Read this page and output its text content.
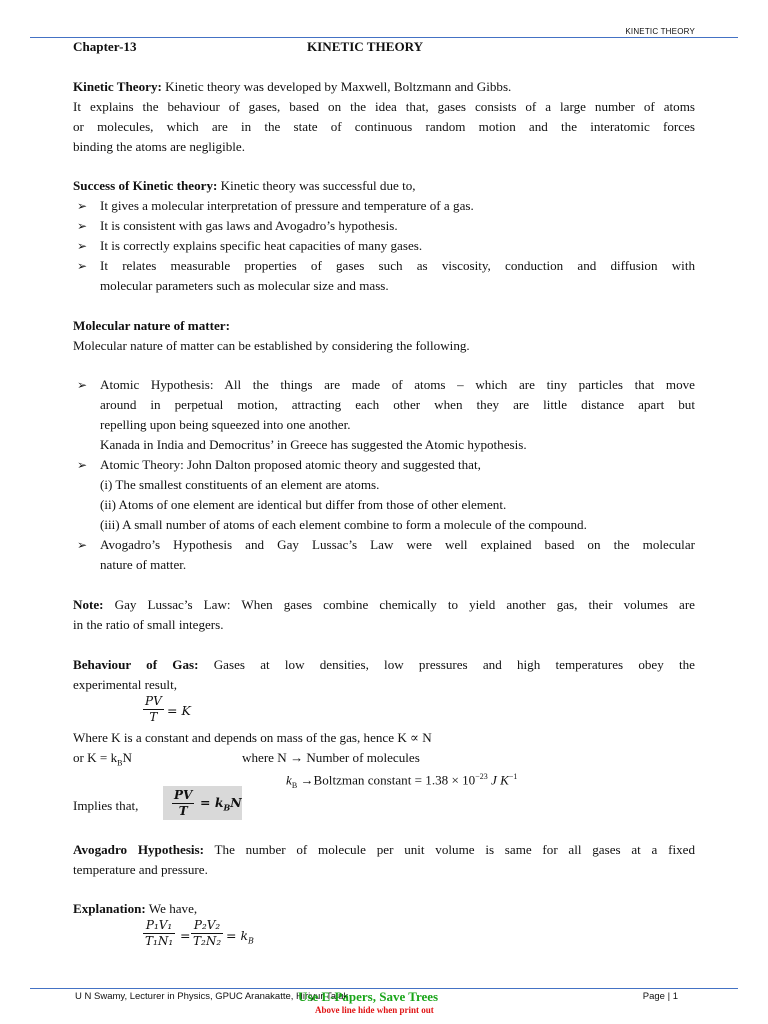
KINETIC THEORY
Chapter-13	KINETIC THEORY
Kinetic Theory: Kinetic theory was developed by Maxwell, Boltzmann and Gibbs.
It explains the behaviour of gases, based on the idea that, gases consists of a large number of atoms
or molecules, which are in the state of continuous random motion and the interatomic forces
binding the atoms are negligible.
Success of Kinetic theory: Kinetic theory was successful due to,
➢ It gives a molecular interpretation of pressure and temperature of a gas.
➢ It is consistent with gas laws and Avogadro’s hypothesis.
➢ It is correctly explains specific heat capacities of many gases.
➢ It relates measurable properties of gases such as viscosity, conduction and diffusion with
molecular parameters such as molecular size and mass.
Molecular nature of matter:
Molecular nature of matter can be established by considering the following.
➢ Atomic Hypothesis: All the things are made of atoms – which are tiny particles that move
around in perpetual motion, attracting each other when they are little distance apart but
repelling upon being squeezed into one another.
Kanada in India and Democritus’ in Greece has suggested the Atomic hypothesis.
➢ Atomic Theory: John Dalton proposed atomic theory and suggested that,
(i) The smallest constituents of an element are atoms.
(ii) Atoms of one element are identical but differ from those of other element.
(iii) A small number of atoms of each element combine to form a molecule of the compound.
➢ Avogadro’s Hypothesis and Gay Lussac’s Law were well explained based on the molecular
nature of matter.
Note: Gay Lussac’s Law: When gases combine chemically to yield another gas, their volumes are
in the ratio of small integers.
Behaviour of Gas: Gases at low densities, low pressures and high temperatures obey the
experimental result,
$\frac{PV}{T} = K$
Where K is a constant and depends on mass of the gas, hence K ∝ N
or $K = k_BN$	where N → Number of molecules
$k_B$ →Boltzman constant = $1.38 \times 10^{-23}$ J $K^{-1}$
Implies that,	$\frac{PV}{T} = k_BN$
Avogadro Hypothesis: The number of molecule per unit volume is same for all gases at a fixed
temperature and pressure.
Explanation: We have,
$\frac{\text{P₁V₁}}{\text{T₁N₁}} = \frac{\text{P₂V₂}}{\text{T₂N₂}} = k_B$
U N Swamy, Lecturer in Physics, GPUC Aranakatte, Hiriyur Taluk
Use E-Papers, Save Trees
Above line hide when print out
Page | 1
